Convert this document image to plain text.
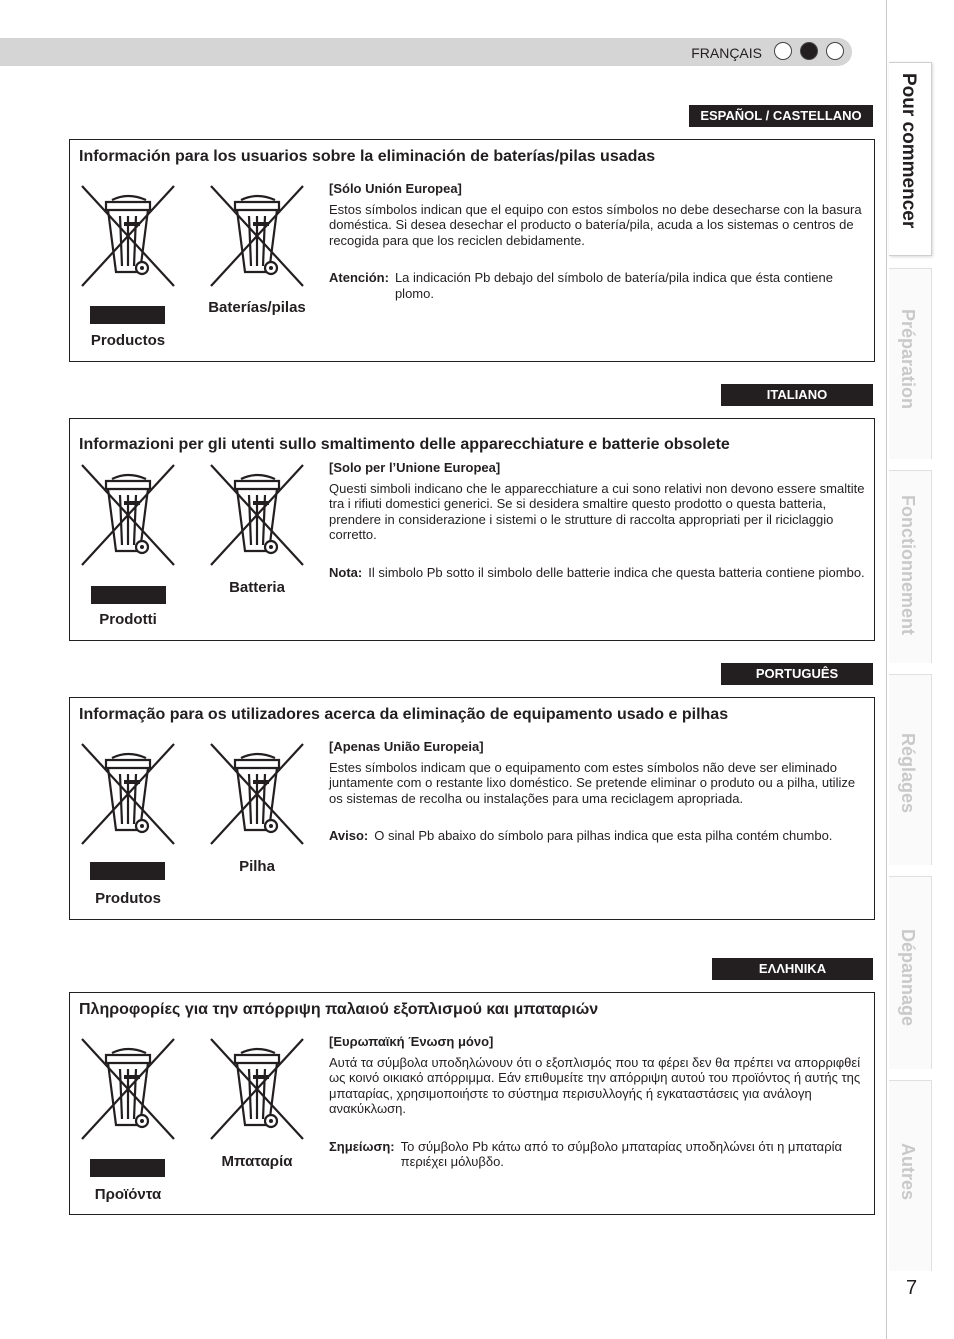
FRANÇAIS
Pour commencer
Préparation
Fonctionnement
Réglages
Dépannage
Autres
7
ESPAÑOL / CASTELLANO
Información para los usuarios sobre la eliminación de baterías/pilas usadas
Productos
Baterías/pilas
[Sólo Unión Europea]
Estos símbolos indican que el equipo con estos símbolos no debe desecharse con la basura doméstica. Si desea desechar el producto o batería/pila, acuda a los sistemas o centros de recogida para que los reciclen debidamente.
Atención: La indicación Pb debajo del símbolo de batería/pila indica que ésta contiene plomo.
ITALIANO
Informazioni per gli utenti sullo smaltimento delle apparecchiature e batterie obsolete
Prodotti
Batteria
[Solo per l’Unione Europea]
Questi simboli indicano che le apparecchiature a cui sono relativi non devono essere smaltite tra i rifiuti domestici generici. Se si desidera smaltire questo prodotto o questa batteria, prendere in considerazione i sistemi o le strutture di raccolta appropriati per il riciclaggio corretto.
Nota: Il simbolo Pb sotto il simbolo delle batterie indica che questa batteria contiene piombo.
PORTUGUÊS
Informação para os utilizadores acerca da eliminação de equipamento usado e pilhas
Produtos
Pilha
[Apenas União Europeia]
Estes símbolos indicam que o equipamento com estes símbolos não deve ser eliminado juntamente com o restante lixo doméstico. Se pretende eliminar o produto ou a pilha, utilize os sistemas de recolha ou instalações para uma reciclagem apropriada.
Aviso: O sinal Pb abaixo do símbolo para pilhas indica que esta pilha contém chumbo.
ΕΛΛΗΝΙΚΑ
Πληροφορίες για την απόρριψη παλαιού εξοπλισμού και μπαταριών
Προϊόντα
Μπαταρία
[Ευρωπαϊκή Ένωση μόνο]
Αυτά τα σύμβολα υποδηλώνουν ότι ο εξοπλισμός που τα φέρει δεν θα πρέπει να απορριφθεί ως κοινό οικιακό απόρριμμα. Εάν επιθυμείτε την απόρριψη αυτού του προϊόντος ή αυτής της μπαταρίας, χρησιμοποιήστε το σύστημα περισυλλογής ή εγκαταστάσεις για ανάλογη ανακύκλωση.
Σημείωση: Το σύμβολο Pb κάτω από το σύμβολο μπαταρίας υποδηλώνει ότι η μπαταρία περιέχει μόλυβδο.
